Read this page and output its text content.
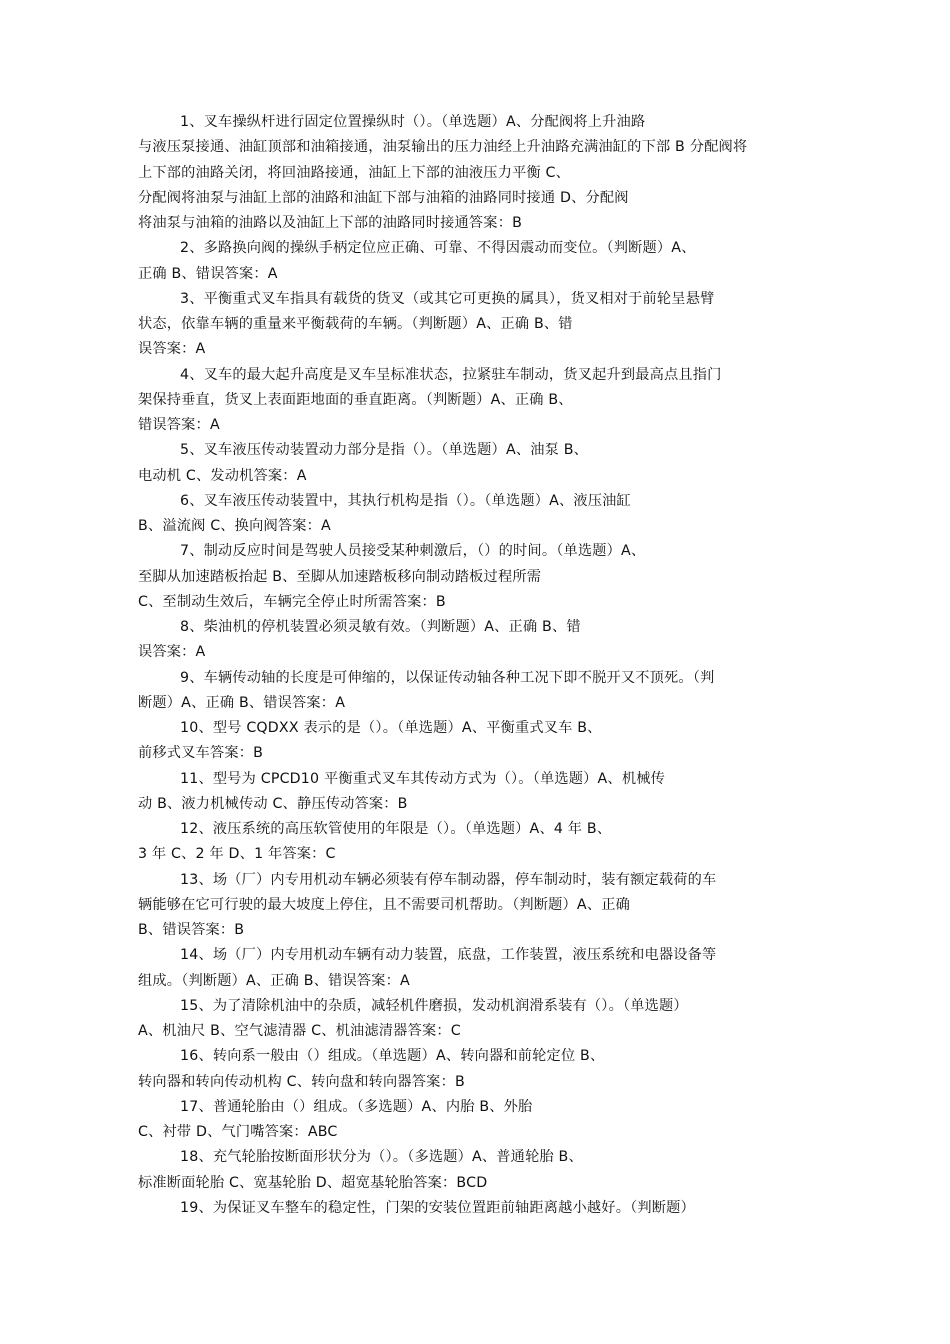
1、叉车操纵杆进行固定位置操纵时（）。（单选题）A、分配阀将上升油路
与液压泵接通、油缸顶部和油箱接通，油泵输出的压力油经上升油路充满油缸的下部 B 分配阀将
上下部的油路关闭，将回油路接通，油缸上下部的油液压力平衡 C、
分配阀将油泵与油缸上部的油路和油缸下部与油箱的油路同时接通 D、分配阀
将油泵与油箱的油路以及油缸上下部的油路同时接通答案：B
2、多路换向阀的操纵手柄定位应正确、可靠、不得因震动而变位。（判断题）A、
正确 B、错误答案：A
3、平衡重式叉车指具有载货的货叉（或其它可更换的属具），货叉相对于前轮呈悬臂
状态，依靠车辆的重量来平衡载荷的车辆。（判断题）A、正确 B、错
误答案：A
4、叉车的最大起升高度是叉车呈标准状态，拉紧驻车制动，货叉起升到最高点且指门
架保持垂直，货叉上表面距地面的垂直距离。（判断题）A、正确 B、
错误答案：A
5、叉车液压传动装置动力部分是指（）。（单选题）A、油泵 B、
电动机 C、发动机答案：A
6、叉车液压传动装置中，其执行机构是指（）。（单选题）A、液压油缸
B、溢流阀 C、换向阀答案：A
7、制动反应时间是驾驶人员接受某种刺激后，（）的时间。（单选题）A、
至脚从加速踏板抬起 B、至脚从加速踏板移向制动踏板过程所需
C、至制动生效后，车辆完全停止时所需答案：B
8、柴油机的停机装置必须灵敏有效。（判断题）A、正确 B、错
误答案：A
9、车辆传动轴的长度是可伸缩的，以保证传动轴各种工况下即不脱开又不顶死。（判
断题）A、正确 B、错误答案：A
10、型号 CQDXX 表示的是（）。（单选题）A、平衡重式叉车 B、
前移式叉车答案：B
11、型号为 CPCD10 平衡重式叉车其传动方式为（）。（单选题）A、机械传
动 B、液力机械传动 C、静压传动答案：B
12、液压系统的高压软管使用的年限是（）。（单选题）A、4 年 B、
3 年 C、2 年 D、1 年答案：C
13、场（厂）内专用机动车辆必须装有停车制动器，停车制动时，装有额定载荷的车
辆能够在它可行驶的最大坡度上停住，且不需要司机帮助。（判断题）A、正确
B、错误答案：B
14、场（厂）内专用机动车辆有动力装置，底盘，工作装置，液压系统和电器设备等
组成。（判断题）A、正确 B、错误答案：A
15、为了清除机油中的杂质，减轻机件磨损，发动机润滑系装有（）。（单选题）
A、机油尺 B、空气滤清器 C、机油滤清器答案：C
16、转向系一般由（）组成。（单选题）A、转向器和前轮定位 B、
转向器和转向传动机构 C、转向盘和转向器答案：B
17、普通轮胎由（）组成。（多选题）A、内胎 B、外胎
C、衬带 D、气门嘴答案：ABC
18、充气轮胎按断面形状分为（）。（多选题）A、普通轮胎 B、
标准断面轮胎 C、宽基轮胎 D、超宽基轮胎答案：BCD
19、为保证叉车整车的稳定性，门架的安装位置距前轴距离越小越好。（判断题）
